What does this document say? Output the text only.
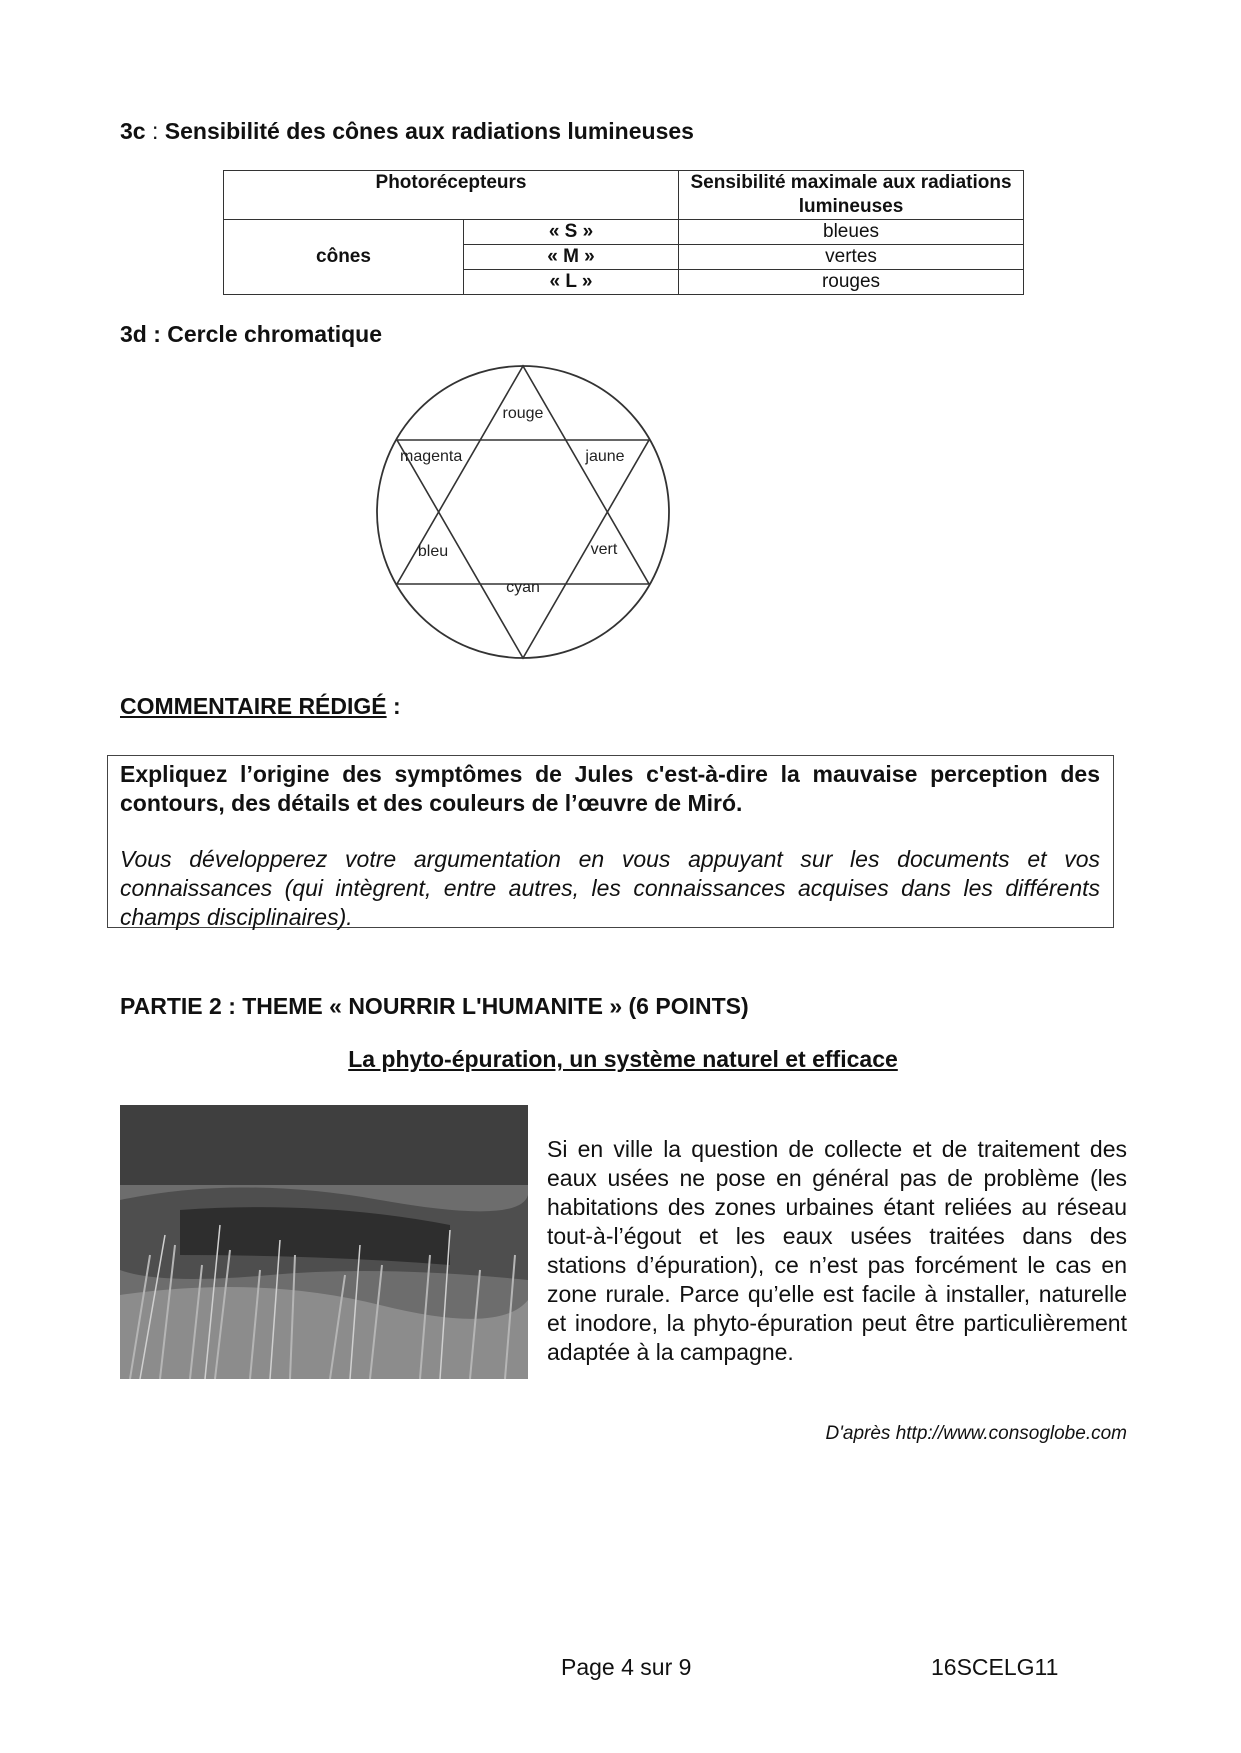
3c : Sensibilité des cônes aux radiations lumineuses
Photorécepteurs		Sensibilité maximale aux radiations lumineuses
cônes	« S »	bleues
	« M »	vertes
	« L »	rouges
3d : Cercle chromatique
rouge
magenta	jaune
bleu	vert
cyan
COMMENTAIRE RÉDIGÉ :
Expliquez l’origine des symptômes de Jules c'est-à-dire la mauvaise perception des contours, des détails et des couleurs de l’œuvre de Miró.
Vous développerez votre argumentation en vous appuyant sur les documents et vos connaissances (qui intègrent, entre autres, les connaissances acquises dans les différents champs disciplinaires).
PARTIE 2 : THEME « NOURRIR L'HUMANITE » (6 POINTS)
La phyto-épuration, un système naturel et efficace
Si en ville la question de collecte et de traitement des eaux usées ne pose en général pas de problème (les habitations des zones urbaines étant reliées au réseau tout-à-l’égout et les eaux usées traitées dans des stations d’épuration), ce n’est pas forcément le cas en zone rurale. Parce qu’elle est facile à installer, naturelle et inodore, la phyto-épuration peut être particulièrement adaptée à la campagne.
D'après http://www.consoglobe.com
Page 4 sur 9	16SCELG11
